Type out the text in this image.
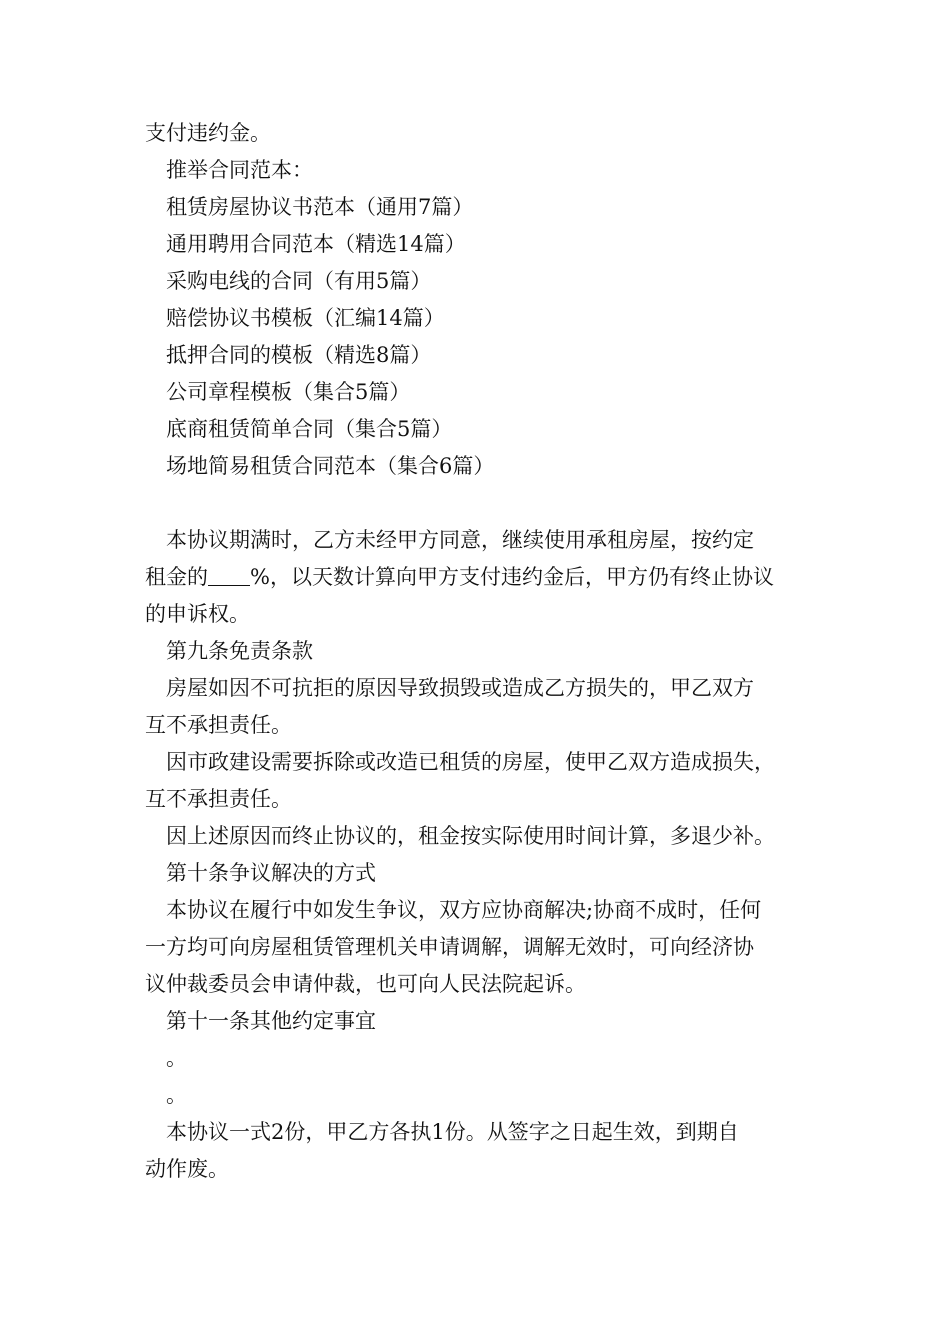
支付违约金。
推举合同范本：
租赁房屋协议书范本（通用7篇）
通用聘用合同范本（精选14篇）
采购电线的合同（有用5篇）
赔偿协议书模板（汇编14篇）
抵押合同的模板（精选8篇）
公司章程模板（集合5篇）
底商租赁简单合同（集合5篇）
场地简易租赁合同范本（集合6篇）
本协议期满时，乙方未经甲方同意，继续使用承租房屋，按约定
租金的 %，以天数计算向甲方支付违约金后，甲方仍有终止协议
的申诉权。
第九条免责条款
房屋如因不可抗拒的原因导致损毁或造成乙方损失的，甲乙双方
互不承担责任。
因市政建设需要拆除或改造已租赁的房屋，使甲乙双方造成损失，
互不承担责任。
因上述原因而终止协议的，租金按实际使用时间计算，多退少补。
第十条争议解决的方式
本协议在履行中如发生争议，双方应协商解决;协商不成时，任何
一方均可向房屋租赁管理机关申请调解，调解无效时，可向经济协
议仲裁委员会申请仲裁，也可向人民法院起诉。
第十一条其他约定事宜
。
。
本协议一式2份，甲乙方各执1份。从签字之日起生效，到期自
动作废。
